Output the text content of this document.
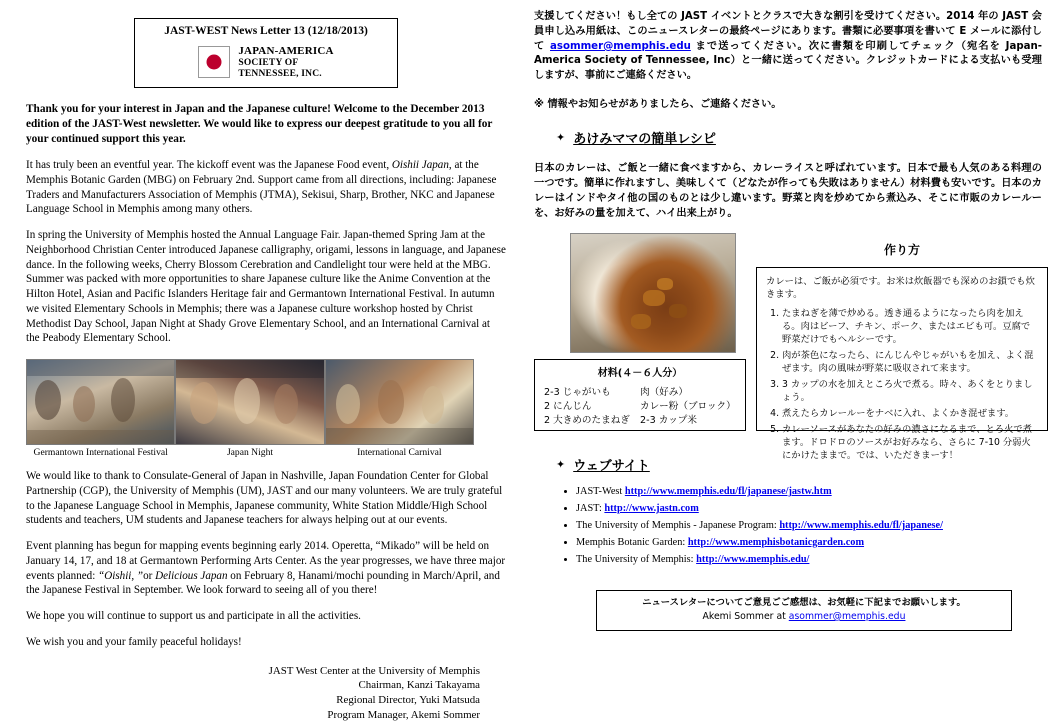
JAST-WEST News Letter 13 (12/18/2013)
JAPAN-AMERICA
SOCIETY OF
TENNESSEE, INC.
Thank you for your interest in Japan and the Japanese culture! Welcome to the December 2013 edition of the JAST-West newsletter. We would like to express our deepest gratitude to you all for your continued support this year.

It has truly been an eventful year. The kickoff event was the Japanese Food event, Oishii Japan, at the Memphis Botanic Garden (MBG) on February 2nd. Support came from all directions, including: Japanese Traders and Manufacturers Association of Memphis (JTMA), Sekisui, Sharp, Brother, NKC and Japanese Language School in Memphis among many others.

In spring the University of Memphis hosted the Annual Language Fair. Japan-themed Spring Jam at the Neighborhood Christian Center introduced Japanese calligraphy, origami, lessons in language, and Japanese dance. In the following weeks, Cherry Blossom Cerebration and Candlelight tour were held at the MBG. Summer was packed with more opportunities to share Japanese culture like the Anime Convention at the Hilton Hotel, Asian and Pacific Islanders Heritage fair and Germantown International Festival. In autumn we visited Elementary Schools in Memphis; there was a Japanese culture workshop hosted by Christ Methodist Day School, Japan Night at Shady Grove Elementary School, and an International Carnival at the Peabody Elementary School.

Germantown International Festival	Japan Night	International Carnival

We would like to thank to Consulate-General of Japan in Nashville, Japan Foundation Center for Global Partnership (CGP), the University of Memphis (UM), JAST and our many volunteers. We are truly grateful to the Japanese Language School in Memphis, Japanese community, White Station Middle/High School students and teachers, UM students and Japanese teachers for always helping out at our events.

Event planning has begun for mapping events beginning early 2014. Operetta, “Mikado” will be held on January 14, 17, and 18 at Germantown Performing Arts Center. As the year progresses, we have three major events planned: “Oishii, ”or Delicious Japan on February 8, Hanami/mochi pounding in March/April, and the Japanese Festival in September. We look forward to seeing all of you there!

We hope you will continue to support us and participate in all the activities.

We wish you and your family peaceful holidays!

JAST West Center at the University of Memphis
Chairman, Kanzi Takayama
Regional Director, Yuki Matsuda
Program Manager, Akemi Sommer
支援してください！もし全ての JAST イベントとクラスで大きな割引を受けてください。2014 年の JAST 会員申し込み用紙は、このニュースレターの最終ページにあります。書類に必要事項を書いて E メールに添付して asommer@memphis.edu まで送ってください。次に書類を印刷してチェック（宛名を Japan-America Society of Tennessee, Inc）と一緒に送ってください。クレジットカードによる支払いも受理しますが、事前にご連絡ください。
※ 情報やお知らせがありましたら、ご連絡ください。
✦ あけみママの簡単レシピ
日本のカレーは、ご飯と一緒に食べますから、カレーライスと呼ばれています。日本で最も人気のある料理の一つです。簡単に作れますし、美味しくて（どなたが作っても失敗はありません）材料費も安いです。日本のカレーはインドやタイ他の国のものとは少し違います。野菜と肉を炒めてから煮込み、そこに市販のカレールーを、お好みの量を加えて、ハイ出来上がり。
材料(４－６人分）
2-3 じゃがいも
2 にんじん
2 大きめのたまねぎ
肉（好み）
カレー粉（ブロック）
2-3 カップ米
作り方
カレーは、ご飯が必須です。お米は炊飯器でも深めのお鎖でも炊きます。
1. たまねぎを薄で炒める。透き通るようになったら肉を加える。肉はビーフ、チキン、ポーク、またはエビも可。豆腐で野菜だけでもヘルシーです。
2. 肉が茶色になったら、にんじんやじゃがいもを加え、よく混ぜます。肉の風味が野菜に吸収されて来ます。
3. 3 カップの水を加えところ火で煮る。時々、あくをとりましょう。
4. 煮えたらカレールーをナベに入れ、よくかき混ぜます。
5. カレーソースがあなたの好みの濃さになるまで、とろ火で煮ます。ドロドロのソースがお好みなら、さらに 7-10 分弱火にかけたままで。では、いただきまーす！
✦ ウェブサイト
• JAST-West http://www.memphis.edu/fl/japanese/jastw.htm
• JAST: http://www.jastn.com
• The University of Memphis - Japanese Program: http://www.memphis.edu/fl/japanese/
• Memphis Botanic Garden: http://www.memphisbotanicgarden.com
• The University of Memphis: http://www.memphis.edu/
ニュースレターについてご意見ごご感想は、お気軽に下記までお願いします。
Akemi Sommer at asommer@memphis.edu
